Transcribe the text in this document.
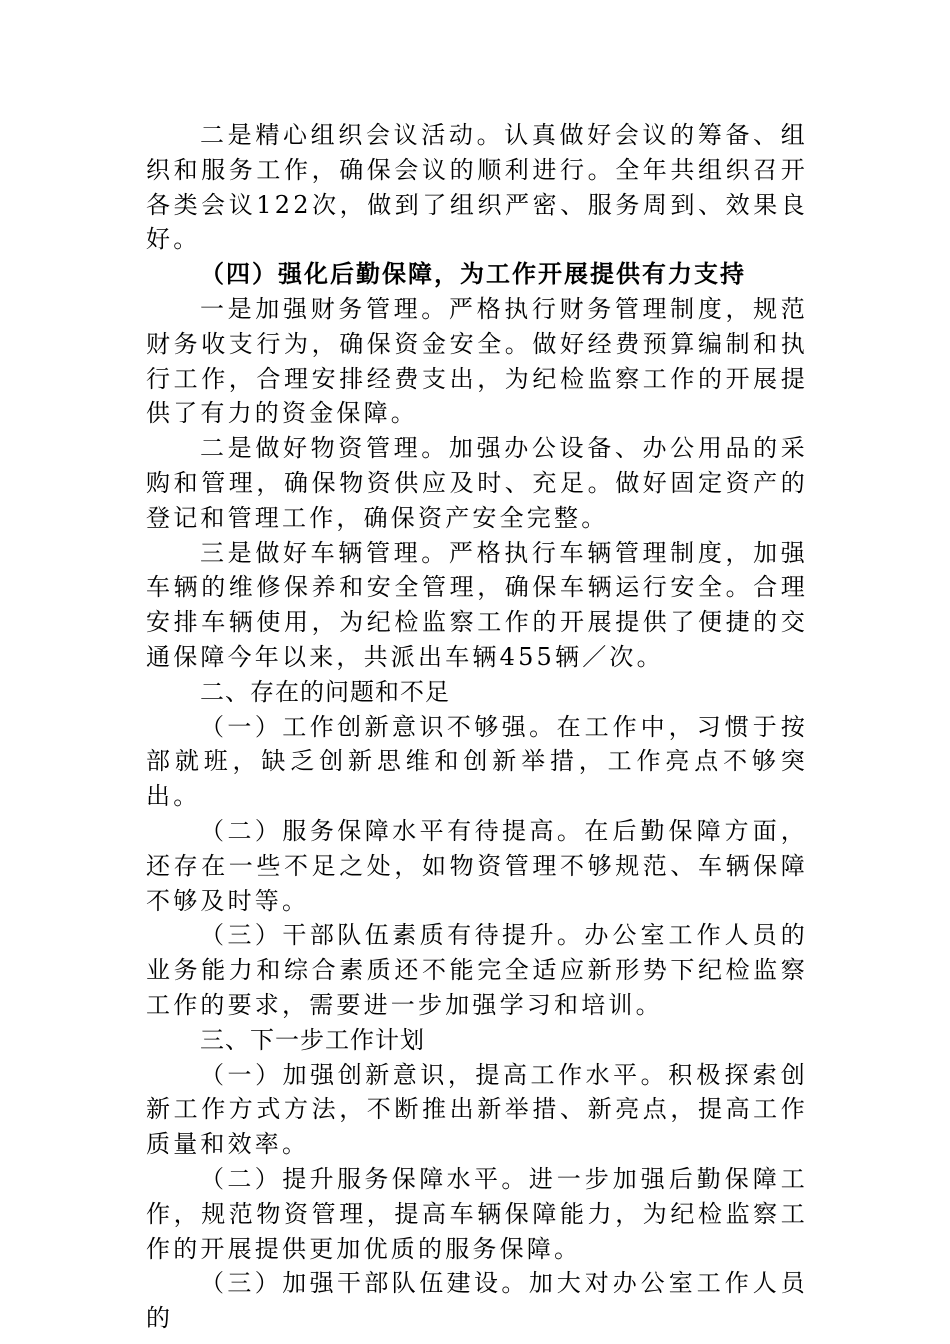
二是精心组织会议活动。认真做好会议的筹备、组织和服务工作，确保会议的顺利进行。全年共组织召开各类会议122次，做到了组织严密、服务周到、效果良好。

（四）强化后勤保障，为工作开展提供有力支持

一是加强财务管理。严格执行财务管理制度，规范财务收支行为，确保资金安全。做好经费预算编制和执行工作，合理安排经费支出，为纪检监察工作的开展提供了有力的资金保障。

二是做好物资管理。加强办公设备、办公用品的采购和管理，确保物资供应及时、充足。做好固定资产的登记和管理工作，确保资产安全完整。

三是做好车辆管理。严格执行车辆管理制度，加强车辆的维修保养和安全管理，确保车辆运行安全。合理安排车辆使用，为纪检监察工作的开展提供了便捷的交通保障今年以来，共派出车辆455辆／次。

二、存在的问题和不足

（一）工作创新意识不够强。在工作中，习惯于按部就班，缺乏创新思维和创新举措，工作亮点不够突出。

（二）服务保障水平有待提高。在后勤保障方面，还存在一些不足之处，如物资管理不够规范、车辆保障不够及时等。

（三）干部队伍素质有待提升。办公室工作人员的业务能力和综合素质还不能完全适应新形势下纪检监察工作的要求，需要进一步加强学习和培训。

三、下一步工作计划

（一）加强创新意识，提高工作水平。积极探索创新工作方式方法，不断推出新举措、新亮点，提高工作质量和效率。

（二）提升服务保障水平。进一步加强后勤保障工作，规范物资管理，提高车辆保障能力，为纪检监察工作的开展提供更加优质的服务保障。

（三）加强干部队伍建设。加大对办公室工作人员的
